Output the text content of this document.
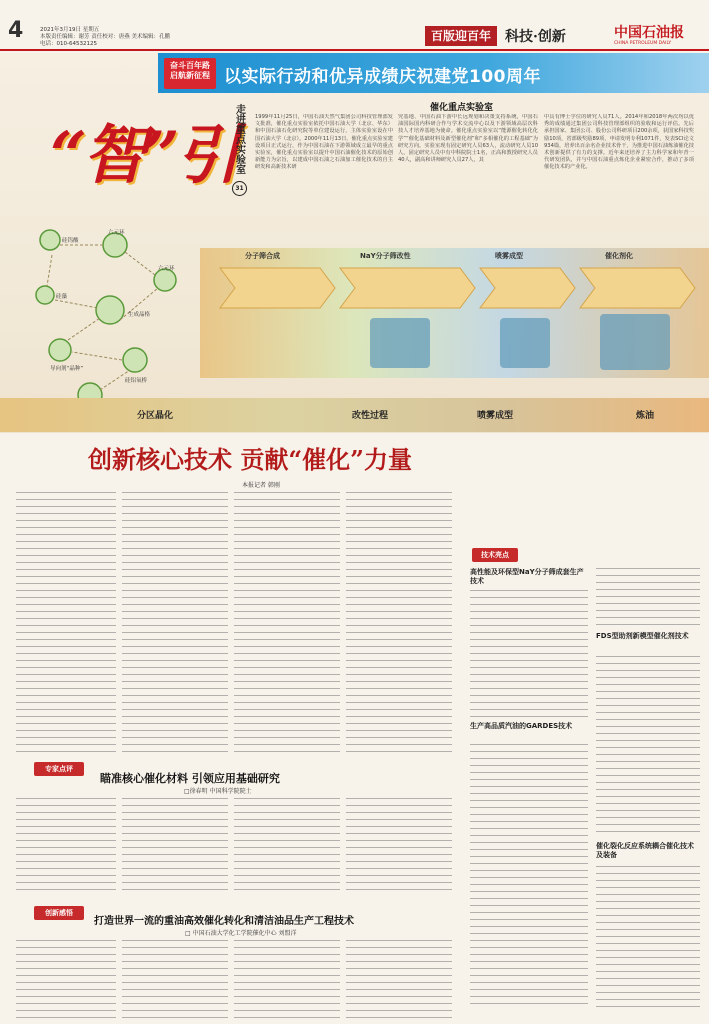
4	2021年3月19日 星期五
本版责任编辑：谢芳 责任校对：唐燕 美术编辑：孔鹏
电话：010-64532125
百版迎百年	科技·创新	中国石油报
CHINA PETROLEUM DAILY
奋斗百年路
启航新征程 以实际行动和优异成绩庆祝建党100周年
“智”引
走进重点实验室
31
催化重点实验室
1999年11月25日，中国石油天然气集团公司科技管理部发文批准，催化重点实验室依托中国石油大学（北京、华东）和中国石油石化研究院等单位建设运行，主体实验室设在中国石油大学（北京）。2000年11月13日，催化重点实验室建设项目正式运行，作为中国石油在下游领域成立最早的重点实验室，催化重点实验室以提升中国石油催化技术的原始创新能力为宗旨，以建成中国石油之石油加工催化技术的自主研发和高新技术研
究基地、中国石油下游中长远规划和决策支持系统，中国石油国际国内科研合作与学术交流中心以及下游领域高层次科技人才培养基地为使命。催化重点实验室以“能源催化转化化学”“催化基础材料及新型催化剂”和“多相催化的工程基础”为研究方向。实验室现有固定研究人员63人，流动研究人员10人，固定研究人员中有中科院院士1名，正高和教授研究人员40人，副高和讲师研究人员27人，其
中具有博士学位的研究人员71人。2014年和2018年两次均以优秀的成绩通过集团公司科技管理部组织的验收和运行评估。先后承担国家、集团公司、股份公司科研项目200余项，获国家科技奖励10项，省部级奖励89项，申请发明专利1071件，发表SCI论文934篇，培养出百余名企业技术骨干，为推进中国石油炼油催化技术创新提供了有力的支撑。近年来还培养了主力科学家和年青一代研发团队，并与中国石油重点炼化企业紧密合作，推动了多项催化技术的产业化。
硅钨酸
六元环
六元环
硅藻
生成晶格
导向剂“晶种”
硅铝氧桥
分子筛合成	NaY分子筛改性	喷雾成型	催化剂化
分区晶化	改性过程	喷雾成型	炼油
创新核心技术 贡献“催化”力量
本报记者 韩刚
技术亮点
高性能及环保型NaY分子筛成套生产技术
生产高品质汽油的GARDES技术
FDS型助剂新模型催化剂技术
催化裂化反应系统耦合催化技术及装备
专家点评
瞄准核心催化材料 引领应用基础研究
□徐春明 中国科学院院士
创新感悟
打造世界一流的重油高效催化转化和清洁油品生产工程技术
□ 中国石油大学化工学院催化中心 刘盟洋
